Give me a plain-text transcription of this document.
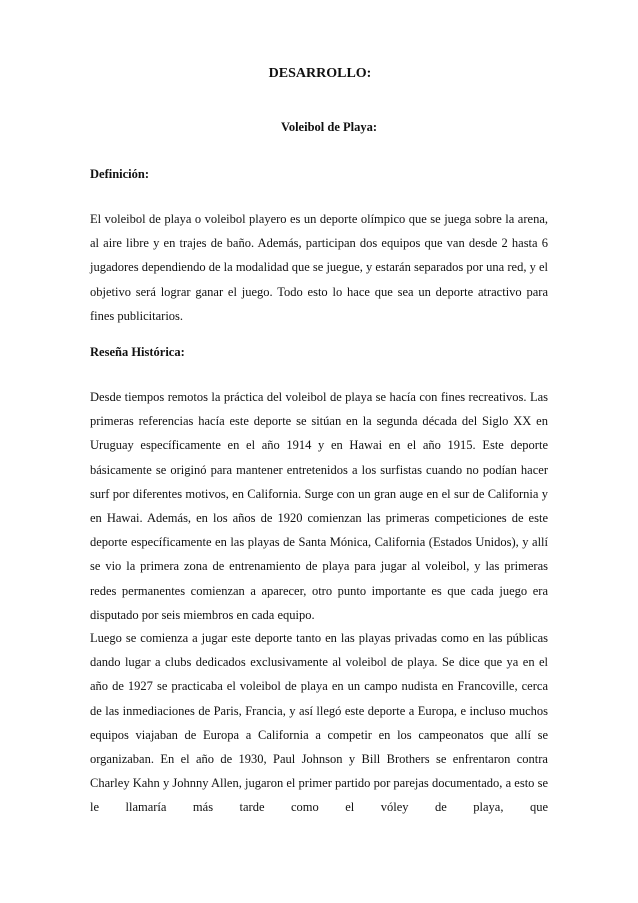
DESARROLLO:
Voleibol de Playa:
Definición:

El voleibol de playa o voleibol playero es un deporte olímpico que se juega sobre la arena, al aire libre y en trajes de baño. Además, participan dos equipos que van desde 2 hasta 6 jugadores dependiendo de la modalidad que se juegue, y estarán separados por una red, y el objetivo será lograr ganar el juego. Todo esto lo hace que sea un deporte atractivo para fines publicitarios.

Reseña Histórica:

Desde tiempos remotos la práctica del voleibol de playa se hacía con fines recreativos. Las primeras referencias hacía este deporte se sitúan en la segunda década del Siglo XX en Uruguay específicamente en el año 1914 y en Hawai en el año 1915. Este deporte básicamente se originó para mantener entretenidos a los surfistas cuando no podían hacer surf por diferentes motivos, en California. Surge con un gran auge en el sur de California y en Hawai. Además, en los años de 1920 comienzan las primeras competiciones de este deporte específicamente en las playas de Santa Mónica, California (Estados Unidos), y allí se vio la primera zona de entrenamiento de playa para jugar al voleibol, y las primeras redes permanentes comienzan a aparecer, otro punto importante es que cada juego era disputado por seis miembros en cada equipo.

Luego se comienza a jugar este deporte tanto en las playas privadas como en las públicas dando lugar a clubs dedicados exclusivamente al voleibol de playa. Se dice que ya en el año de 1927 se practicaba el voleibol de playa en un campo nudista en Francoville, cerca de las inmediaciones de Paris, Francia, y así llegó este deporte a Europa, e incluso muchos equipos viajaban de Europa a California a competir en los campeonatos que allí se organizaban. En el año de 1930, Paul Johnson y Bill Brothers se enfrentaron contra Charley Kahn y Johnny Allen, jugaron el primer partido por parejas documentado, a esto se le llamaría más tarde como el vóley de playa, que
